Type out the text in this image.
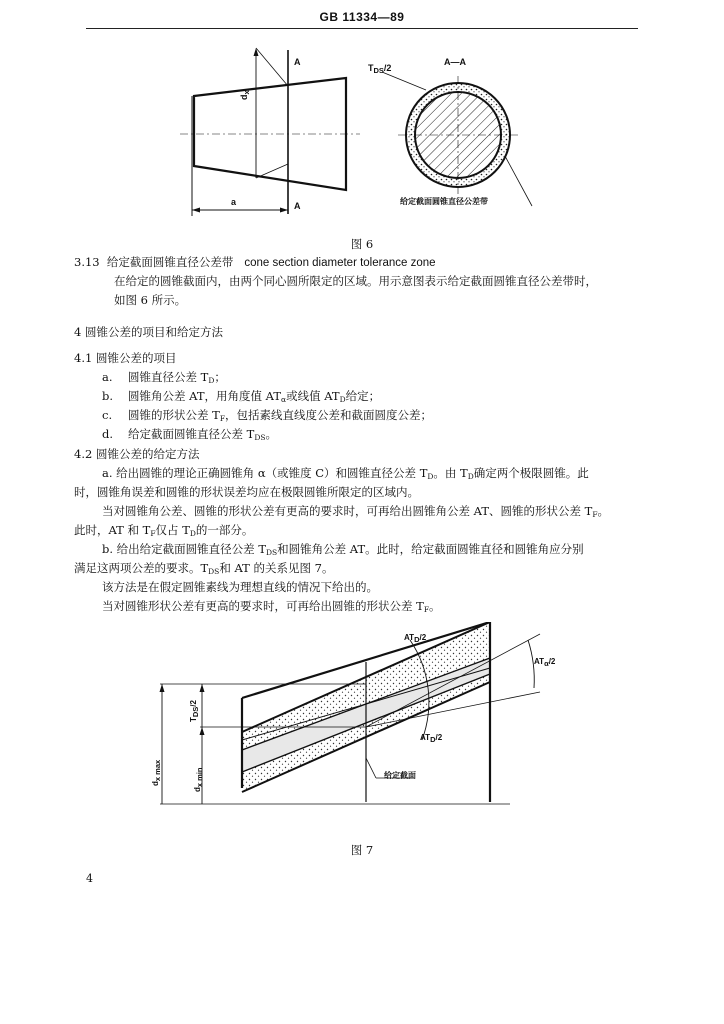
GB 11334—89
A
A
$d_x$
a
A—A
$T_{DS}/2$
给定截面圆锥直径公差带
图 6
3.13 给定截面圆锥直径公差带 cone section diameter tolerance zone
在给定的圆锥截面内，由两个同心圆所限定的区域。用示意图表示给定截面圆锥直径公差带时，
如图 6 所示。
4 圆锥公差的项目和给定方法
4.1 圆锥公差的项目
a. 圆锥直径公差 $T_D$；
b. 圆锥角公差 AT，用角度值 $AT_\alpha$或线值 $AT_D$给定；
c. 圆锥的形状公差 $T_F$，包括素线直线度公差和截面圆度公差；
d. 给定截面圆锥直径公差 $T_{DS}$。
4.2 圆锥公差的给定方法
a. 给出圆锥的理论正确圆锥角 α（或锥度 C）和圆锥直径公差 $T_D$。由 $T_D$确定两个极限圆锥。此
时，圆锥角误差和圆锥的形状误差均应在极限圆锥所限定的区域内。
当对圆锥角公差、圆锥的形状公差有更高的要求时，可再给出圆锥角公差 AT、圆锥的形状公差 $T_F$。
此时，AT 和 $T_F$仅占 $T_D$的一部分。
b. 给出给定截面圆锥直径公差 $T_{DS}$和圆锥角公差 AT。此时，给定截面圆锥直径和圆锥角应分别
满足这两项公差的要求。$T_{DS}$和 AT 的关系见图 7。
该方法是在假定圆锥素线为理想直线的情况下给出的。
当对圆锥形状公差有更高的要求时，可再给出圆锥的形状公差 $T_F$。
ATD/2
ATα/2
ATD/2
TDS/2
dx max
dx min	给定截面
图 7
4
